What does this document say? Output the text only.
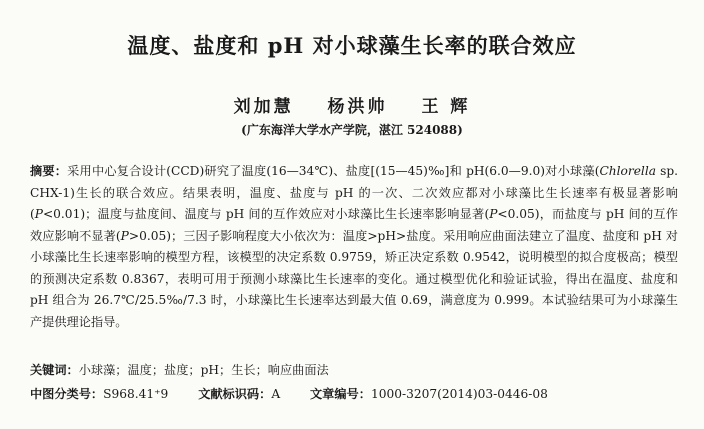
温度、盐度和 pH 对小球藻生长率的联合效应
刘加慧 杨洪帅 王 辉
(广东海洋大学水产学院，湛江 524088)
摘要：采用中心复合设计(CCD)研究了温度(16—34℃)、盐度[(15—45)‰]和 pH(6.0—9.0)对小球藻(Chlorella sp. CHX-1)生长的联合效应。结果表明，温度、盐度与 pH 的一次、二次效应都对小球藻比生长速率有极显著影响(P<0.01)；温度与盐度间、温度与 pH 间的互作效应对小球藻比生长速率影响显著(P<0.05)，而盐度与 pH 间的互作效应影响不显著(P>0.05)；三因子影响程度大小依次为：温度>pH>盐度。采用响应曲面法建立了温度、盐度和 pH 对小球藻比生长速率影响的模型方程，该模型的决定系数 0.9759，矫正决定系数 0.9542，说明模型的拟合度极高；模型的预测决定系数 0.8367，表明可用于预测小球藻比生长速率的变化。通过模型优化和验证试验，得出在温度、盐度和 pH 组合为 26.7℃/25.5‰/7.3 时，小球藻比生长速率达到最大值 0.69，满意度为 0.999。本试验结果可为小球藻生产提供理论指导。
关键词：小球藻；温度；盐度；pH；生长；响应曲面法
中图分类号：S968.41⁺9 文献标识码：A 文章编号：1000-3207(2014)03-0446-08
